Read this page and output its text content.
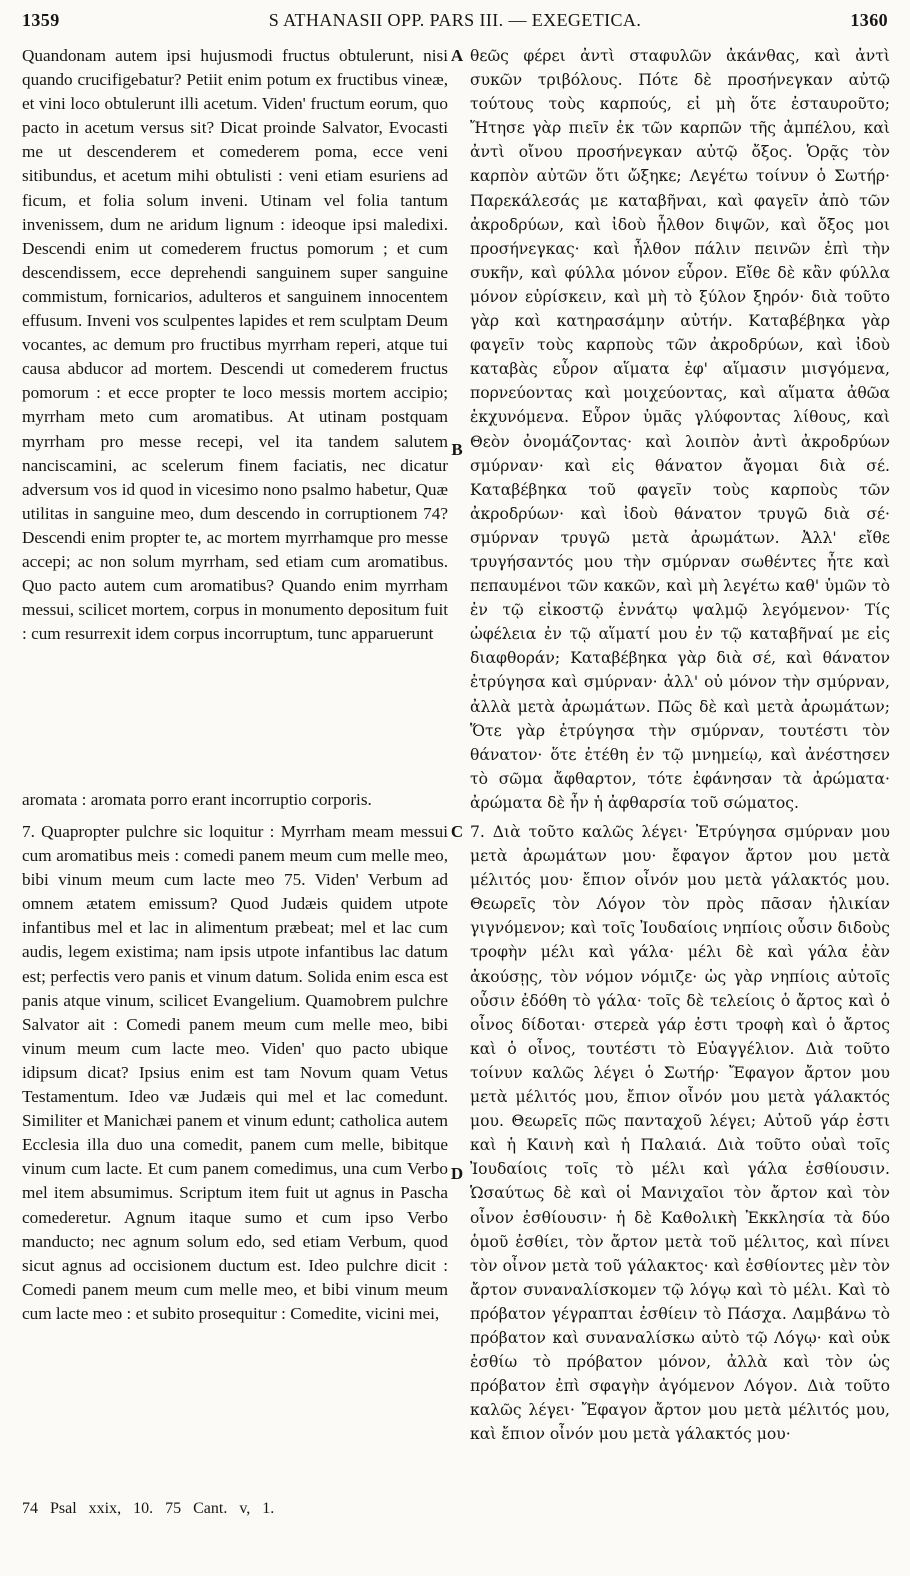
1359	S ATHANASII OPP. PARS III. — EXEGETICA.	1360

Quandonam autem ipsi hujusmodi fructus obtulerunt, nisi quando crucifigebatur? Petiit enim potum ex fructibus vineæ, et vini loco obtulerunt illi acetum. Viden' fructum eorum, quo pacto in acetum versus sit? Dicat proinde Salvator, Evocasti me ut descenderem et comederem poma, ecce veni sitibundus, et acetum mihi obtulisti : veni etiam esuriens ad ficum, et folia solum inveni. Utinam vel folia tantum invenissem, dum ne aridum lignum : ideoque ipsi maledixi. Descendi enim ut comederem fructus pomorum ; et cum descendissem, ecce deprehendi sanguinem super sanguine commistum, fornicarios, adulteros et sanguinem innocentem effusum. Inveni vos sculpentes lapides et rem sculptam Deum vocantes, ac demum pro fructibus myrrham reperi, atque tui causa abducor ad mortem. Descendi ut comederem fructus pomorum : et ecce propter te loco messis mortem accipio; myrrham meto cum aromatibus. At utinam postquam myrrham pro messe recepi, vel ita tandem salutem nanciscamini, ac scelerum finem faciatis, nec dicatur adversum vos id quod in vicesimo nono psalmo habetur, Quæ utilitas in sanguine meo, dum descendo in corruptionem 74? Descendi enim propter te, ac mortem myrrhamque pro messe accepi; ac non solum myrrham, sed etiam cum aromatibus. Quo pacto autem cum aromatibus? Quando enim myrrham messui, scilicet mortem, corpus in monumento depositum fuit : cum resurrexit idem corpus incorruptum, tunc apparuerunt

aromata : aromata porro erant incorruptio corporis.

θεῶς φέρει ἀντὶ σταφυλῶν ἀκάνθας, καὶ ἀντὶ συκῶν τριβόλους. Πότε δὲ προσήνεγκαν αὐτῷ τούτους τοὺς καρπούς, εἰ μὴ ὅτε ἐσταυροῦτο; Ἤτησε γὰρ πιεῖν ἐκ τῶν καρπῶν τῆς ἀμπέλου, καὶ ἀντὶ οἴνου προσήνεγκαν αὐτῷ ὄξος. Ὁρᾷς τὸν καρπὸν αὐτῶν ὅτι ὤξηκε; Λεγέτω τοίνυν ὁ Σωτήρ· Παρεκάλεσάς με καταβῆναι, καὶ φαγεῖν ἀπὸ τῶν ἀκροδρύων, καὶ ἰδοὺ ἦλθον διψῶν, καὶ ὄξος μοι προσήνεγκας· καὶ ἦλθον πάλιν πεινῶν ἐπὶ τὴν συκῆν, καὶ φύλλα μόνον εὗρον. Εἴθε δὲ κἂν φύλλα μόνον εὑρίσκειν, καὶ μὴ τὸ ξύλον ξηρόν· διὰ τοῦτο γὰρ καὶ κατηρασάμην αὐτήν. Καταβέβηκα γὰρ φαγεῖν τοὺς καρποὺς τῶν ἀκροδρύων, καὶ ἰδοὺ καταβὰς εὗρον αἵματα ἐφ' αἵμασιν μισγόμενα, πορνεύοντας καὶ μοιχεύοντας, καὶ αἵματα ἀθῶα ἐκχυνόμενα. Εὗρον ὑμᾶς γλύφοντας λίθους, καὶ Θεὸν ὀνομάζοντας· καὶ λοιπὸν ἀντὶ ἀκροδρύων σμύρναν· καὶ εἰς θάνατον ἄγομαι διὰ σέ. Καταβέβηκα τοῦ φαγεῖν τοὺς καρποὺς τῶν ἀκροδρύων· καὶ ἰδοὺ θάνατον τρυγῶ διὰ σέ· σμύρναν τρυγῶ μετὰ ἀρωμάτων. Ἀλλ' εἴθε τρυγήσαντός μου τὴν σμύρναν σωθέντες ἦτε καὶ πεπαυμένοι τῶν κακῶν, καὶ μὴ λεγέτω καθ' ὑμῶν τὸ ἐν τῷ εἰκοστῷ ἐννάτῳ ψαλμῷ λεγόμενον· Τίς ὠφέλεια ἐν τῷ αἵματί μου ἐν τῷ καταβῆναί με εἰς διαφθοράν; Καταβέβηκα γὰρ διὰ σέ, καὶ θάνατον ἐτρύγησα καὶ σμύρναν· ἀλλ' οὐ μόνον τὴν σμύρναν, ἀλλὰ μετὰ ἀρωμάτων. Πῶς δὲ καὶ μετὰ ἀρωμάτων; Ὅτε γὰρ ἐτρύγησα τὴν σμύρναν, τουτέστι τὸν θάνατον· ὅτε ἐτέθη ἐν τῷ μνημείῳ, καὶ ἀνέστησεν τὸ σῶμα ἄφθαρτον, τότε ἐφάνησαν τὰ ἀρώματα· ἀρώματα δὲ ἦν ἡ ἀφθαρσία τοῦ σώματος.

A
B
C
D

7. Quapropter pulchre sic loquitur : Myrrham meam messui cum aromatibus meis : comedi panem meum cum melle meo, bibi vinum meum cum lacte meo 75. Viden' Verbum ad omnem ætatem emissum? Quod Judæis quidem utpote infantibus mel et lac in alimentum præbeat; mel et lac cum audis, legem existima; nam ipsis utpote infantibus lac datum est; perfectis vero panis et vinum datum. Solida enim esca est panis atque vinum, scilicet Evangelium. Quamobrem pulchre Salvator ait : Comedi panem meum cum melle meo, bibi vinum meum cum lacte meo. Viden' quo pacto ubique idipsum dicat? Ipsius enim est tam Novum quam Vetus Testamentum. Ideo væ Judæis qui mel et lac comedunt. Similiter et Manichæi panem et vinum edunt; catholica autem Ecclesia illa duo una comedit, panem cum melle, bibitque vinum cum lacte. Et cum panem comedimus, una cum Verbo mel item absumimus. Scriptum item fuit ut agnus in Pascha comederetur. Agnum itaque sumo et cum ipso Verbo manducto; nec agnum solum edo, sed etiam Verbum, quod sicut agnus ad occisionem ductum est. Ideo pulchre dicit : Comedi panem meum cum melle meo, et bibi vinum meum cum lacte meo : et subito prosequitur : Comedite, vicini mei,

7. Διὰ τοῦτο καλῶς λέγει· Ἐτρύγησα σμύρναν μου μετὰ ἀρωμάτων μου· ἔφαγον ἄρτον μου μετὰ μέλιτός μου· ἔπιον οἶνόν μου μετὰ γάλακτός μου. Θεωρεῖς τὸν Λόγον τὸν πρὸς πᾶσαν ἡλικίαν γιγνόμενον; καὶ τοῖς Ἰουδαίοις νηπίοις οὖσιν διδοὺς τροφὴν μέλι καὶ γάλα· μέλι δὲ καὶ γάλα ἐὰν ἀκούσῃς, τὸν νόμον νόμιζε· ὡς γὰρ νηπίοις αὐτοῖς οὖσιν ἐδόθη τὸ γάλα· τοῖς δὲ τελείοις ὁ ἄρτος καὶ ὁ οἶνος δίδοται· στερεὰ γάρ ἐστι τροφὴ καὶ ὁ ἄρτος καὶ ὁ οἶνος, τουτέστι τὸ Εὐαγγέλιον. Διὰ τοῦτο τοίνυν καλῶς λέγει ὁ Σωτήρ· Ἔφαγον ἄρτον μου μετὰ μέλιτός μου, ἔπιον οἶνόν μου μετὰ γάλακτός μου. Θεωρεῖς πῶς πανταχοῦ λέγει; Αὐτοῦ γάρ ἐστι καὶ ἡ Καινὴ καὶ ἡ Παλαιά. Διὰ τοῦτο οὐαὶ τοῖς Ἰουδαίοις τοῖς τὸ μέλι καὶ γάλα ἐσθίουσιν. Ὡσαύτως δὲ καὶ οἱ Μανιχαῖοι τὸν ἄρτον καὶ τὸν οἶνον ἐσθίουσιν· ἡ δὲ Καθολικὴ Ἐκκλησία τὰ δύο ὁμοῦ ἐσθίει, τὸν ἄρτον μετὰ τοῦ μέλιτος, καὶ πίνει τὸν οἶνον μετὰ τοῦ γάλακτος· καὶ ἐσθίοντες μὲν τὸν ἄρτον συναναλίσκομεν τῷ λόγῳ καὶ τὸ μέλι. Καὶ τὸ πρόβατον γέγραπται ἐσθίειν τὸ Πάσχα. Λαμβάνω τὸ πρόβατον καὶ συναναλίσκω αὐτὸ τῷ Λόγῳ· καὶ οὐκ ἐσθίω τὸ πρόβατον μόνον, ἀλλὰ καὶ τὸν ὡς πρόβατον ἐπὶ σφαγὴν ἀγόμενον Λόγον. Διὰ τοῦτο καλῶς λέγει· Ἔφαγον ἄρτον μου μετὰ μέλιτός μου, καὶ ἔπιον οἶνόν μου μετὰ γάλακτός μου·

74 Psal xxix, 10. 75 Cant. v, 1.
